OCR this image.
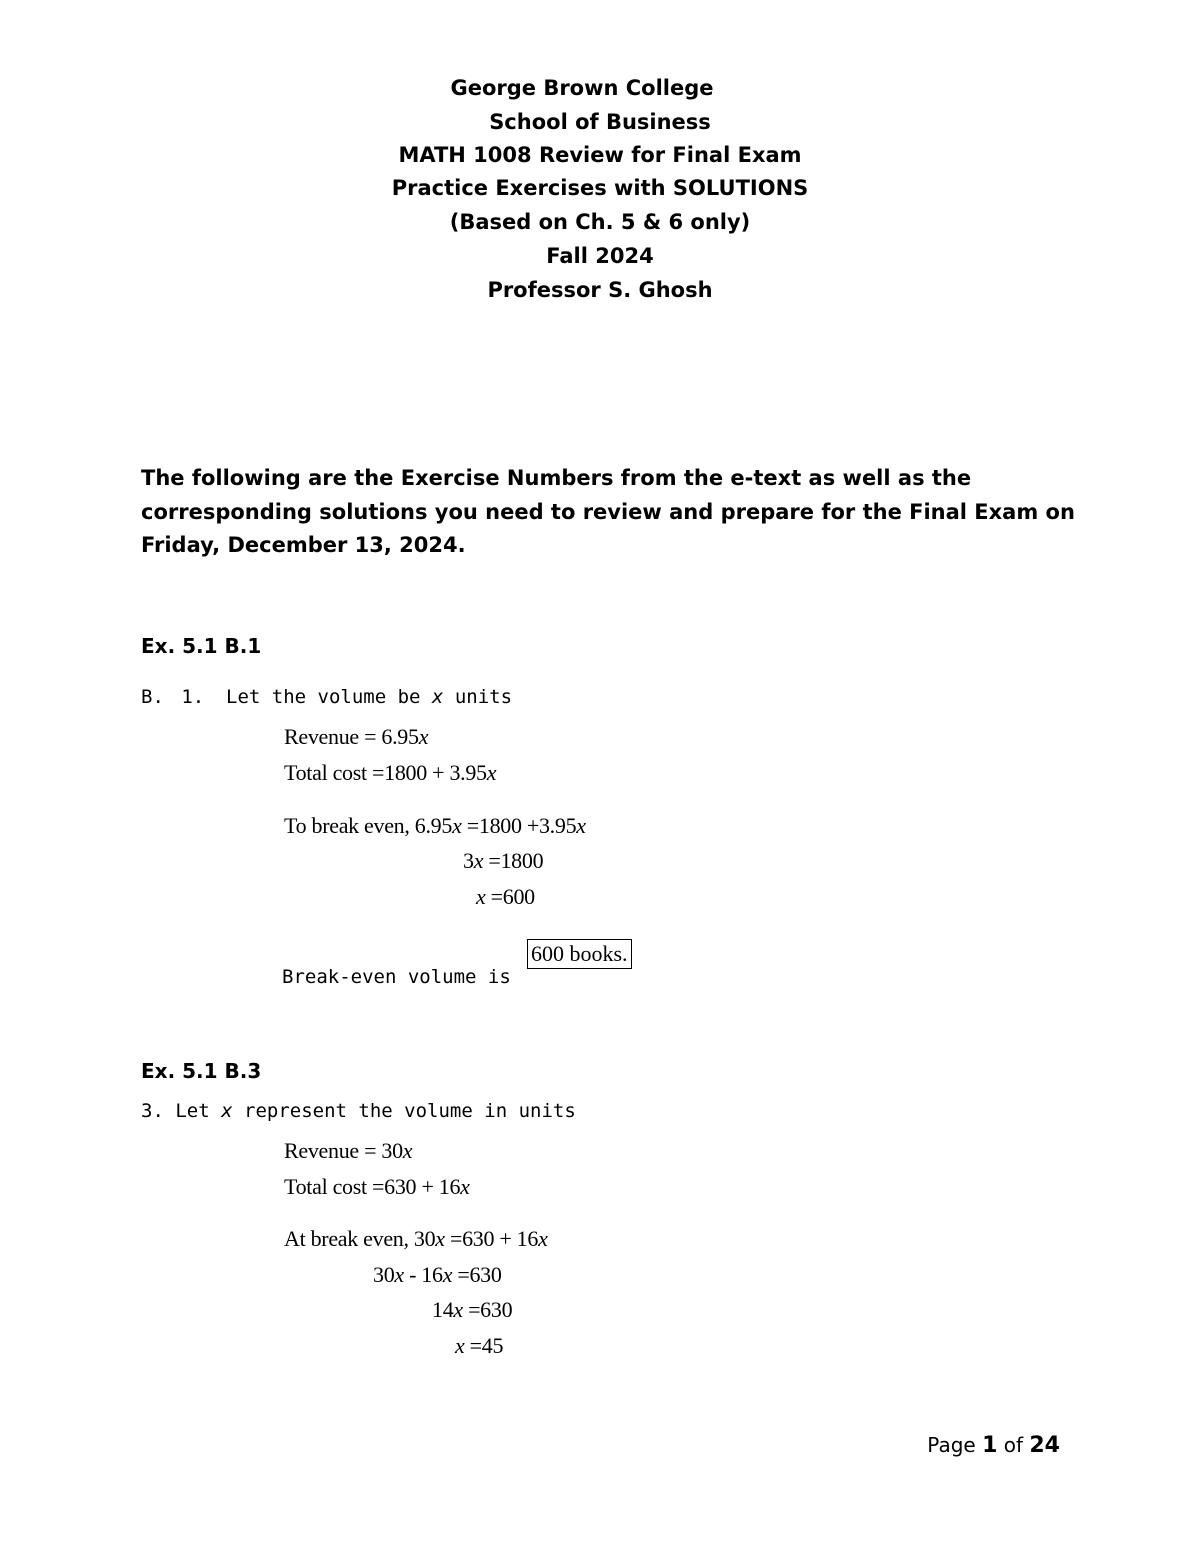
George Brown College
School of Business
MATH 1008 Review for Final Exam
Practice Exercises with SOLUTIONS
(Based on Ch. 5 & 6 only)
Fall 2024
Professor S. Ghosh
The following are the Exercise Numbers from the e-text as well as the corresponding solutions you need to review and prepare for the Final Exam on Friday, December 13, 2024.
Ex. 5.1 B.1
B. 1. Let the volume be x units
Revenue = 6.95x
Total cost =1800 + 3.95x
To break even, 6.95x =1800 +3.95x
3x =1800
x =600
Break-even volume is
600 books.
Ex. 5.1 B.3
3. Let x represent the volume in units
Revenue = 30x
Total cost =630 + 16x
At break even, 30x =630 + 16x
30x - 16x =630
14x =630
x =45
Page 1 of 24
